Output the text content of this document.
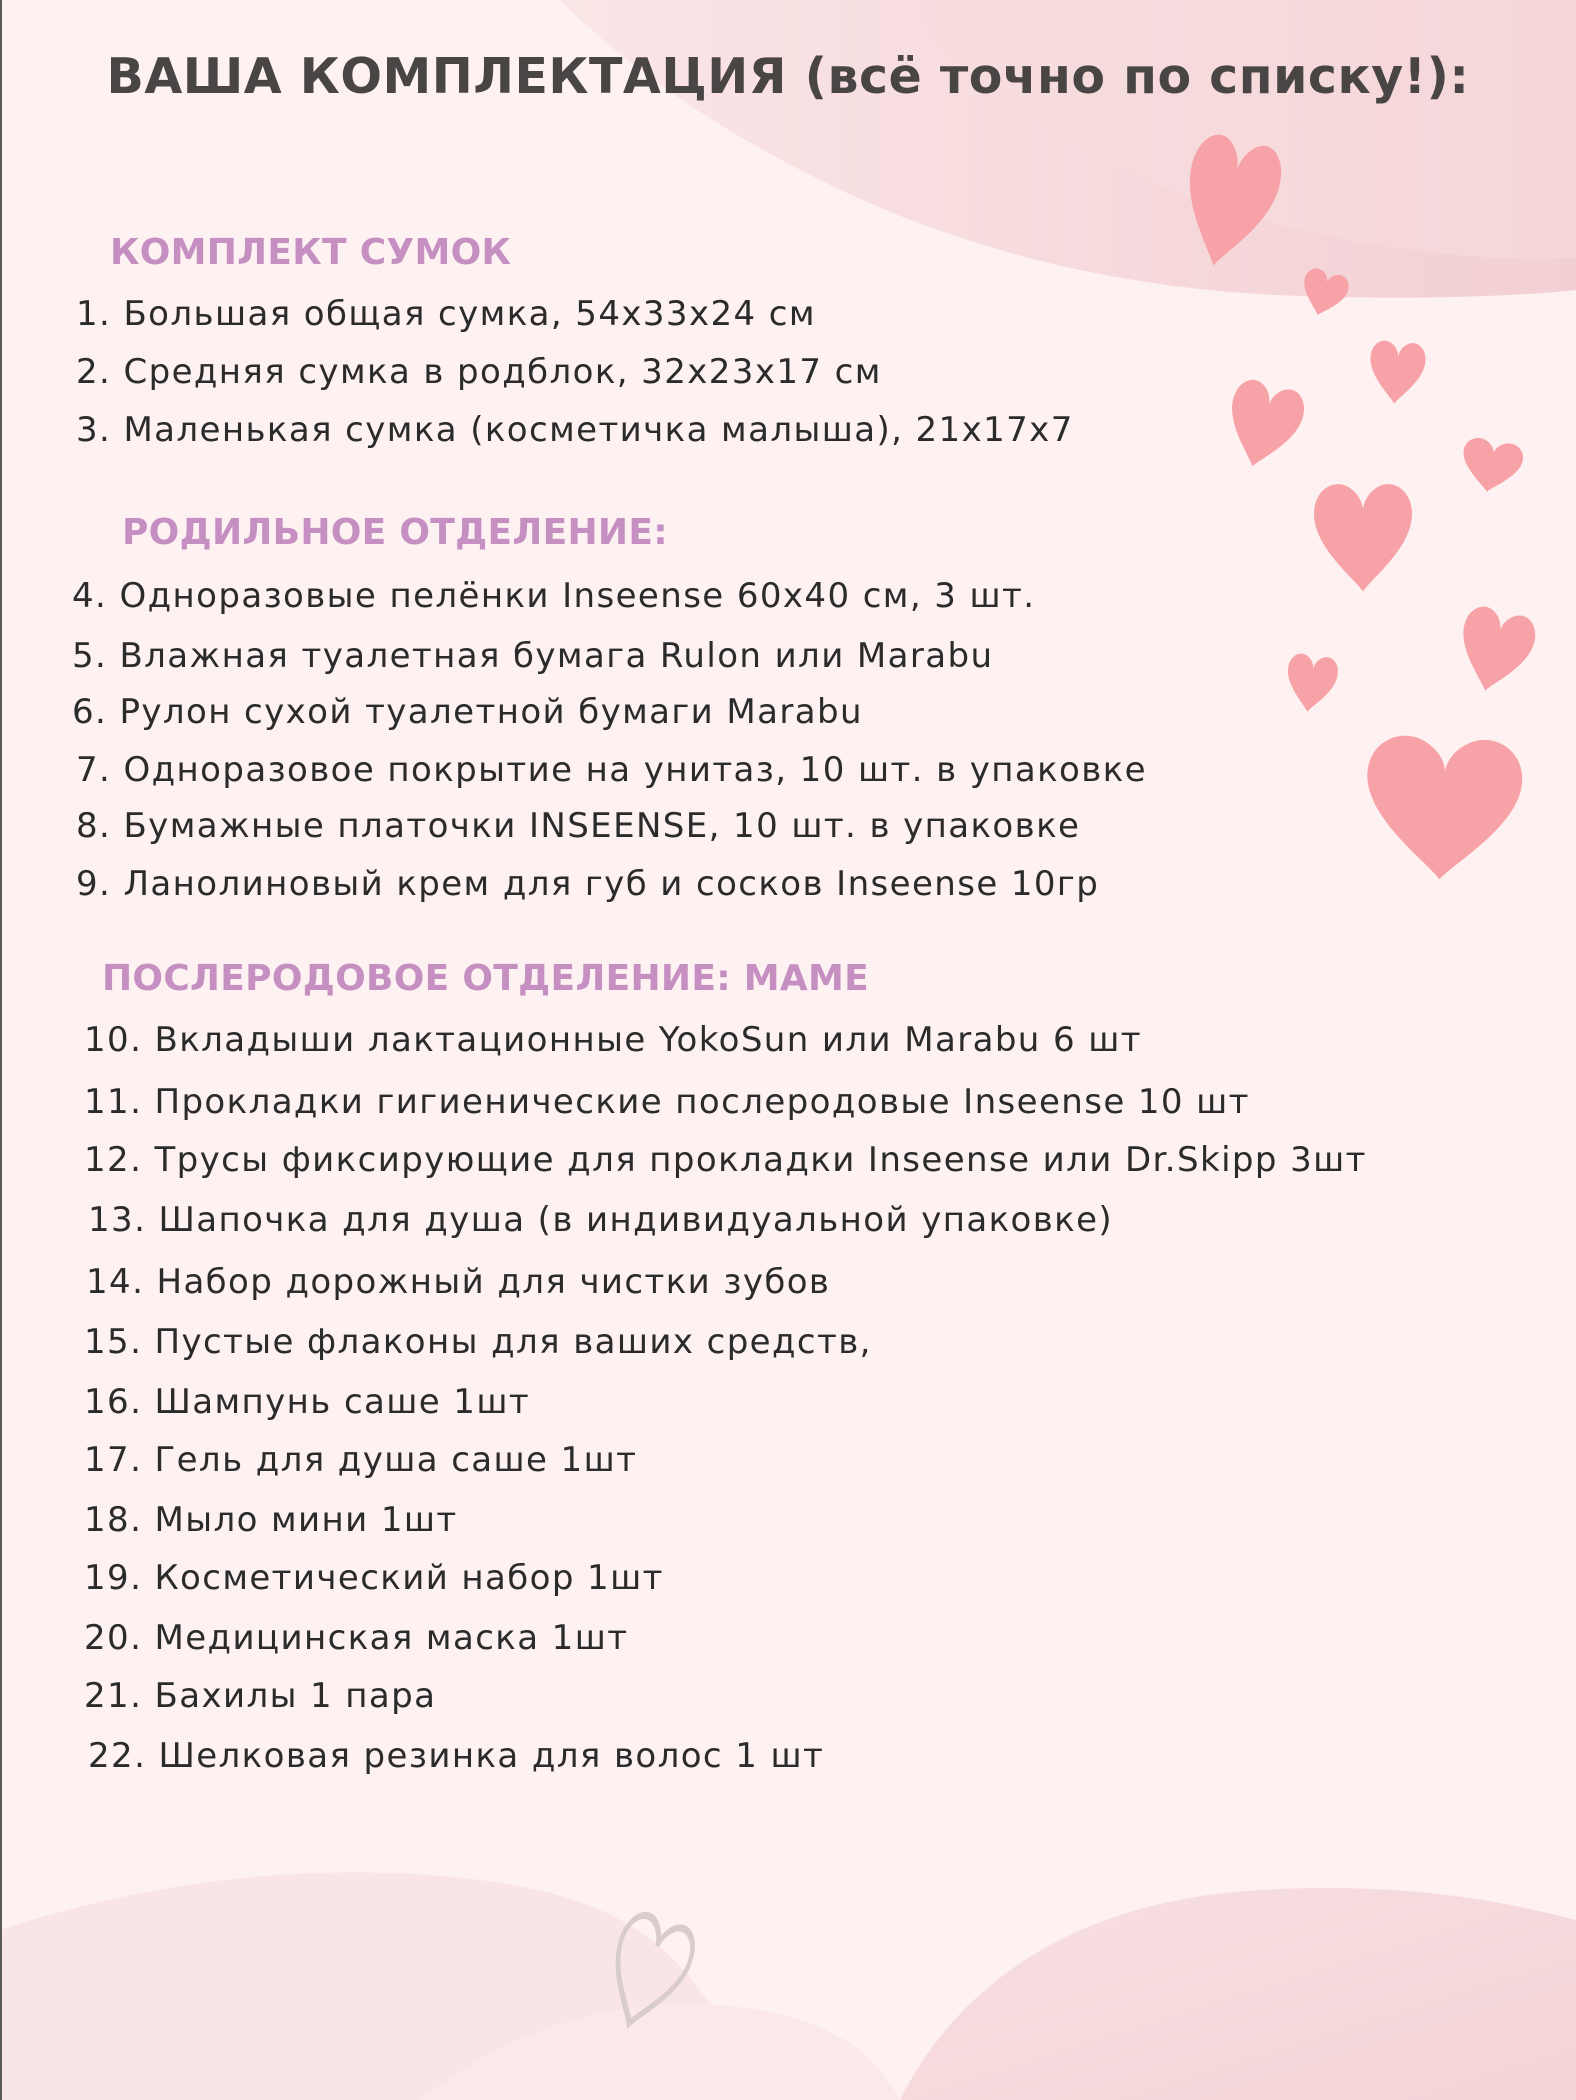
ВАША КОМПЛЕКТАЦИЯ (всё точно по списку!):
КОМПЛЕКТ СУМОК
1. Большая общая сумка, 54х33х24 см
2. Средняя сумка в родблок, 32х23х17 см
3. Маленькая сумка (косметичка малыша), 21х17х7
РОДИЛЬНОЕ ОТДЕЛЕНИЕ:
4. Одноразовые пелёнки Inseense 60х40 см, 3 шт.
5. Влажная туалетная бумага Rulon или Marabu
6. Рулон сухой туалетной бумаги Marabu
7. Одноразовое покрытие на унитаз, 10 шт. в упаковке
8. Бумажные платочки INSEENSE, 10 шт. в упаковке
9. Ланолиновый крем для губ и сосков Inseense 10гр
ПОСЛЕРОДОВОЕ ОТДЕЛЕНИЕ: МАМЕ
10. Вкладыши лактационные YokoSun или Marabu 6 шт
11. Прокладки гигиенические послеродовые Inseense 10 шт
12. Трусы фиксирующие для прокладки Inseense или Dr.Skipp 3шт
13. Шапочка для душа (в индивидуальной упаковке)
14. Набор дорожный для чистки зубов
15. Пустые флаконы для ваших средств,
16. Шампунь саше 1шт
17. Гель для душа саше 1шт
18. Мыло мини 1шт
19. Косметический набор 1шт
20. Медицинская маска 1шт
21. Бахилы 1 пара
22. Шелковая резинка для волос 1 шт
